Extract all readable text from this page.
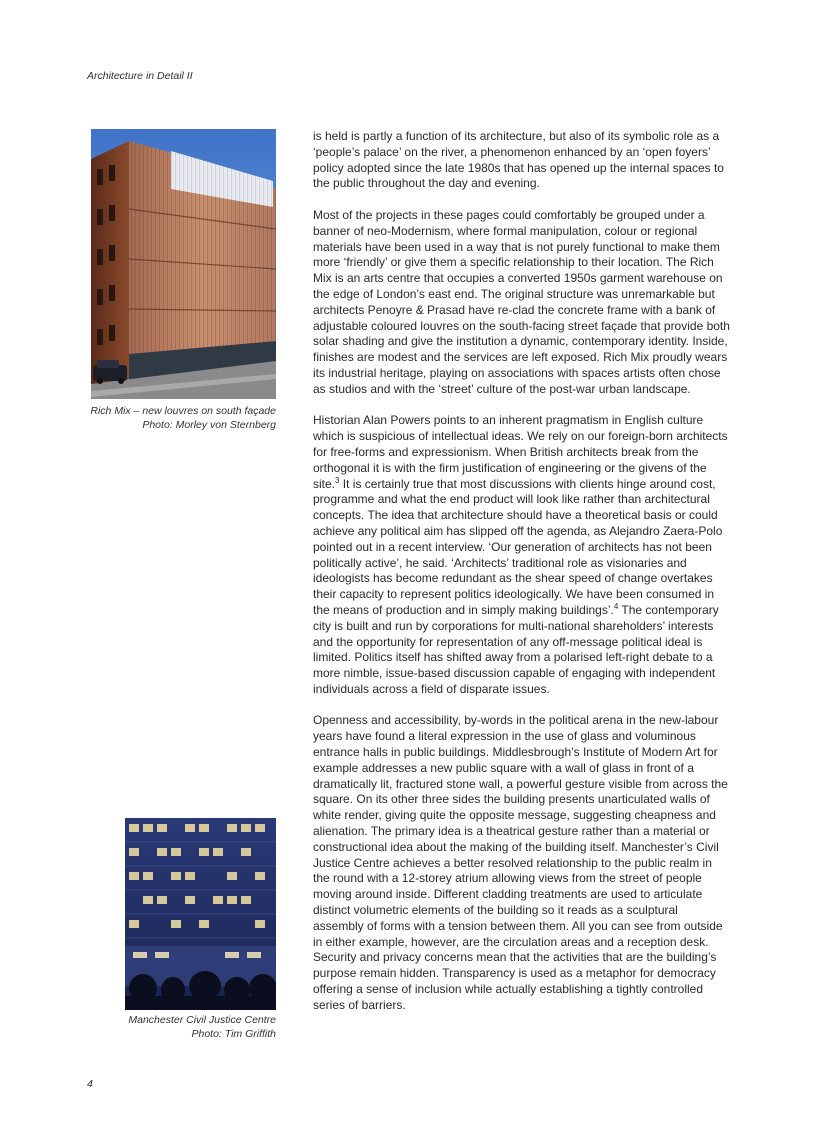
Architecture in Detail II
Rich Mix – new louvres on south façade
Photo: Morley von Sternberg
Manchester Civil Justice Centre
Photo: Tim Griffith

is held is partly a function of its architecture, but also of its symbolic role as a ‘people’s palace’ on the river, a phenomenon enhanced by an ‘open foyers’ policy adopted since the late 1980s that has opened up the internal spaces to the public throughout the day and evening.

Most of the projects in these pages could comfortably be grouped under a banner of neo-Modernism, where formal manipulation, colour or regional materials have been used in a way that is not purely functional to make them more ‘friendly’ or give them a specific relationship to their location. The Rich Mix is an arts centre that occupies a converted 1950s garment warehouse on the edge of London’s east end. The original structure was unremarkable but architects Penoyre & Prasad have re-clad the concrete frame with a bank of adjustable coloured louvres on the south-facing street façade that provide both solar shading and give the institution a dynamic, contemporary identity. Inside, finishes are modest and the services are left exposed. Rich Mix proudly wears its industrial heritage, playing on associations with spaces artists often chose as studios and with the ‘street’ culture of the post-war urban landscape.

Historian Alan Powers points to an inherent pragmatism in English culture which is suspicious of intellectual ideas. We rely on our foreign-born architects for free-forms and expressionism. When British architects break from the orthogonal it is with the firm justification of engineering or the givens of the site.$^3$ It is certainly true that most discussions with clients hinge around cost, programme and what the end product will look like rather than architectural concepts. The idea that architecture should have a theoretical basis or could achieve any political aim has slipped off the agenda, as Alejandro Zaera-Polo pointed out in a recent interview. ‘Our generation of architects has not been politically active’, he said. ‘Architects’ traditional role as visionaries and ideologists has become redundant as the shear speed of change overtakes their capacity to represent politics ideologically. We have been consumed in the means of production and in simply making buildings’.$^4$ The contemporary city is built and run by corporations for multi-national shareholders’ interests and the opportunity for representation of any off-message political ideal is limited. Politics itself has shifted away from a polarised left-right debate to a more nimble, issue-based discussion capable of engaging with independent individuals across a field of disparate issues.

Openness and accessibility, by-words in the political arena in the new-labour years have found a literal expression in the use of glass and voluminous entrance halls in public buildings. Middlesbrough’s Institute of Modern Art for example addresses a new public square with a wall of glass in front of a dramatically lit, fractured stone wall, a powerful gesture visible from across the square. On its other three sides the building presents unarticulated walls of white render, giving quite the opposite message, suggesting cheapness and alienation. The primary idea is a theatrical gesture rather than a material or constructional idea about the making of the building itself. Manchester’s Civil Justice Centre achieves a better resolved relationship to the public realm in the round with a 12-storey atrium allowing views from the street of people moving around inside. Different cladding treatments are used to articulate distinct volumetric elements of the building so it reads as a sculptural assembly of forms with a tension between them. All you can see from outside in either example, however, are the circulation areas and a reception desk. Security and privacy concerns mean that the activities that are the building’s purpose remain hidden. Transparency is used as a metaphor for democracy offering a sense of inclusion while actually establishing a tightly controlled series of barriers.

4
